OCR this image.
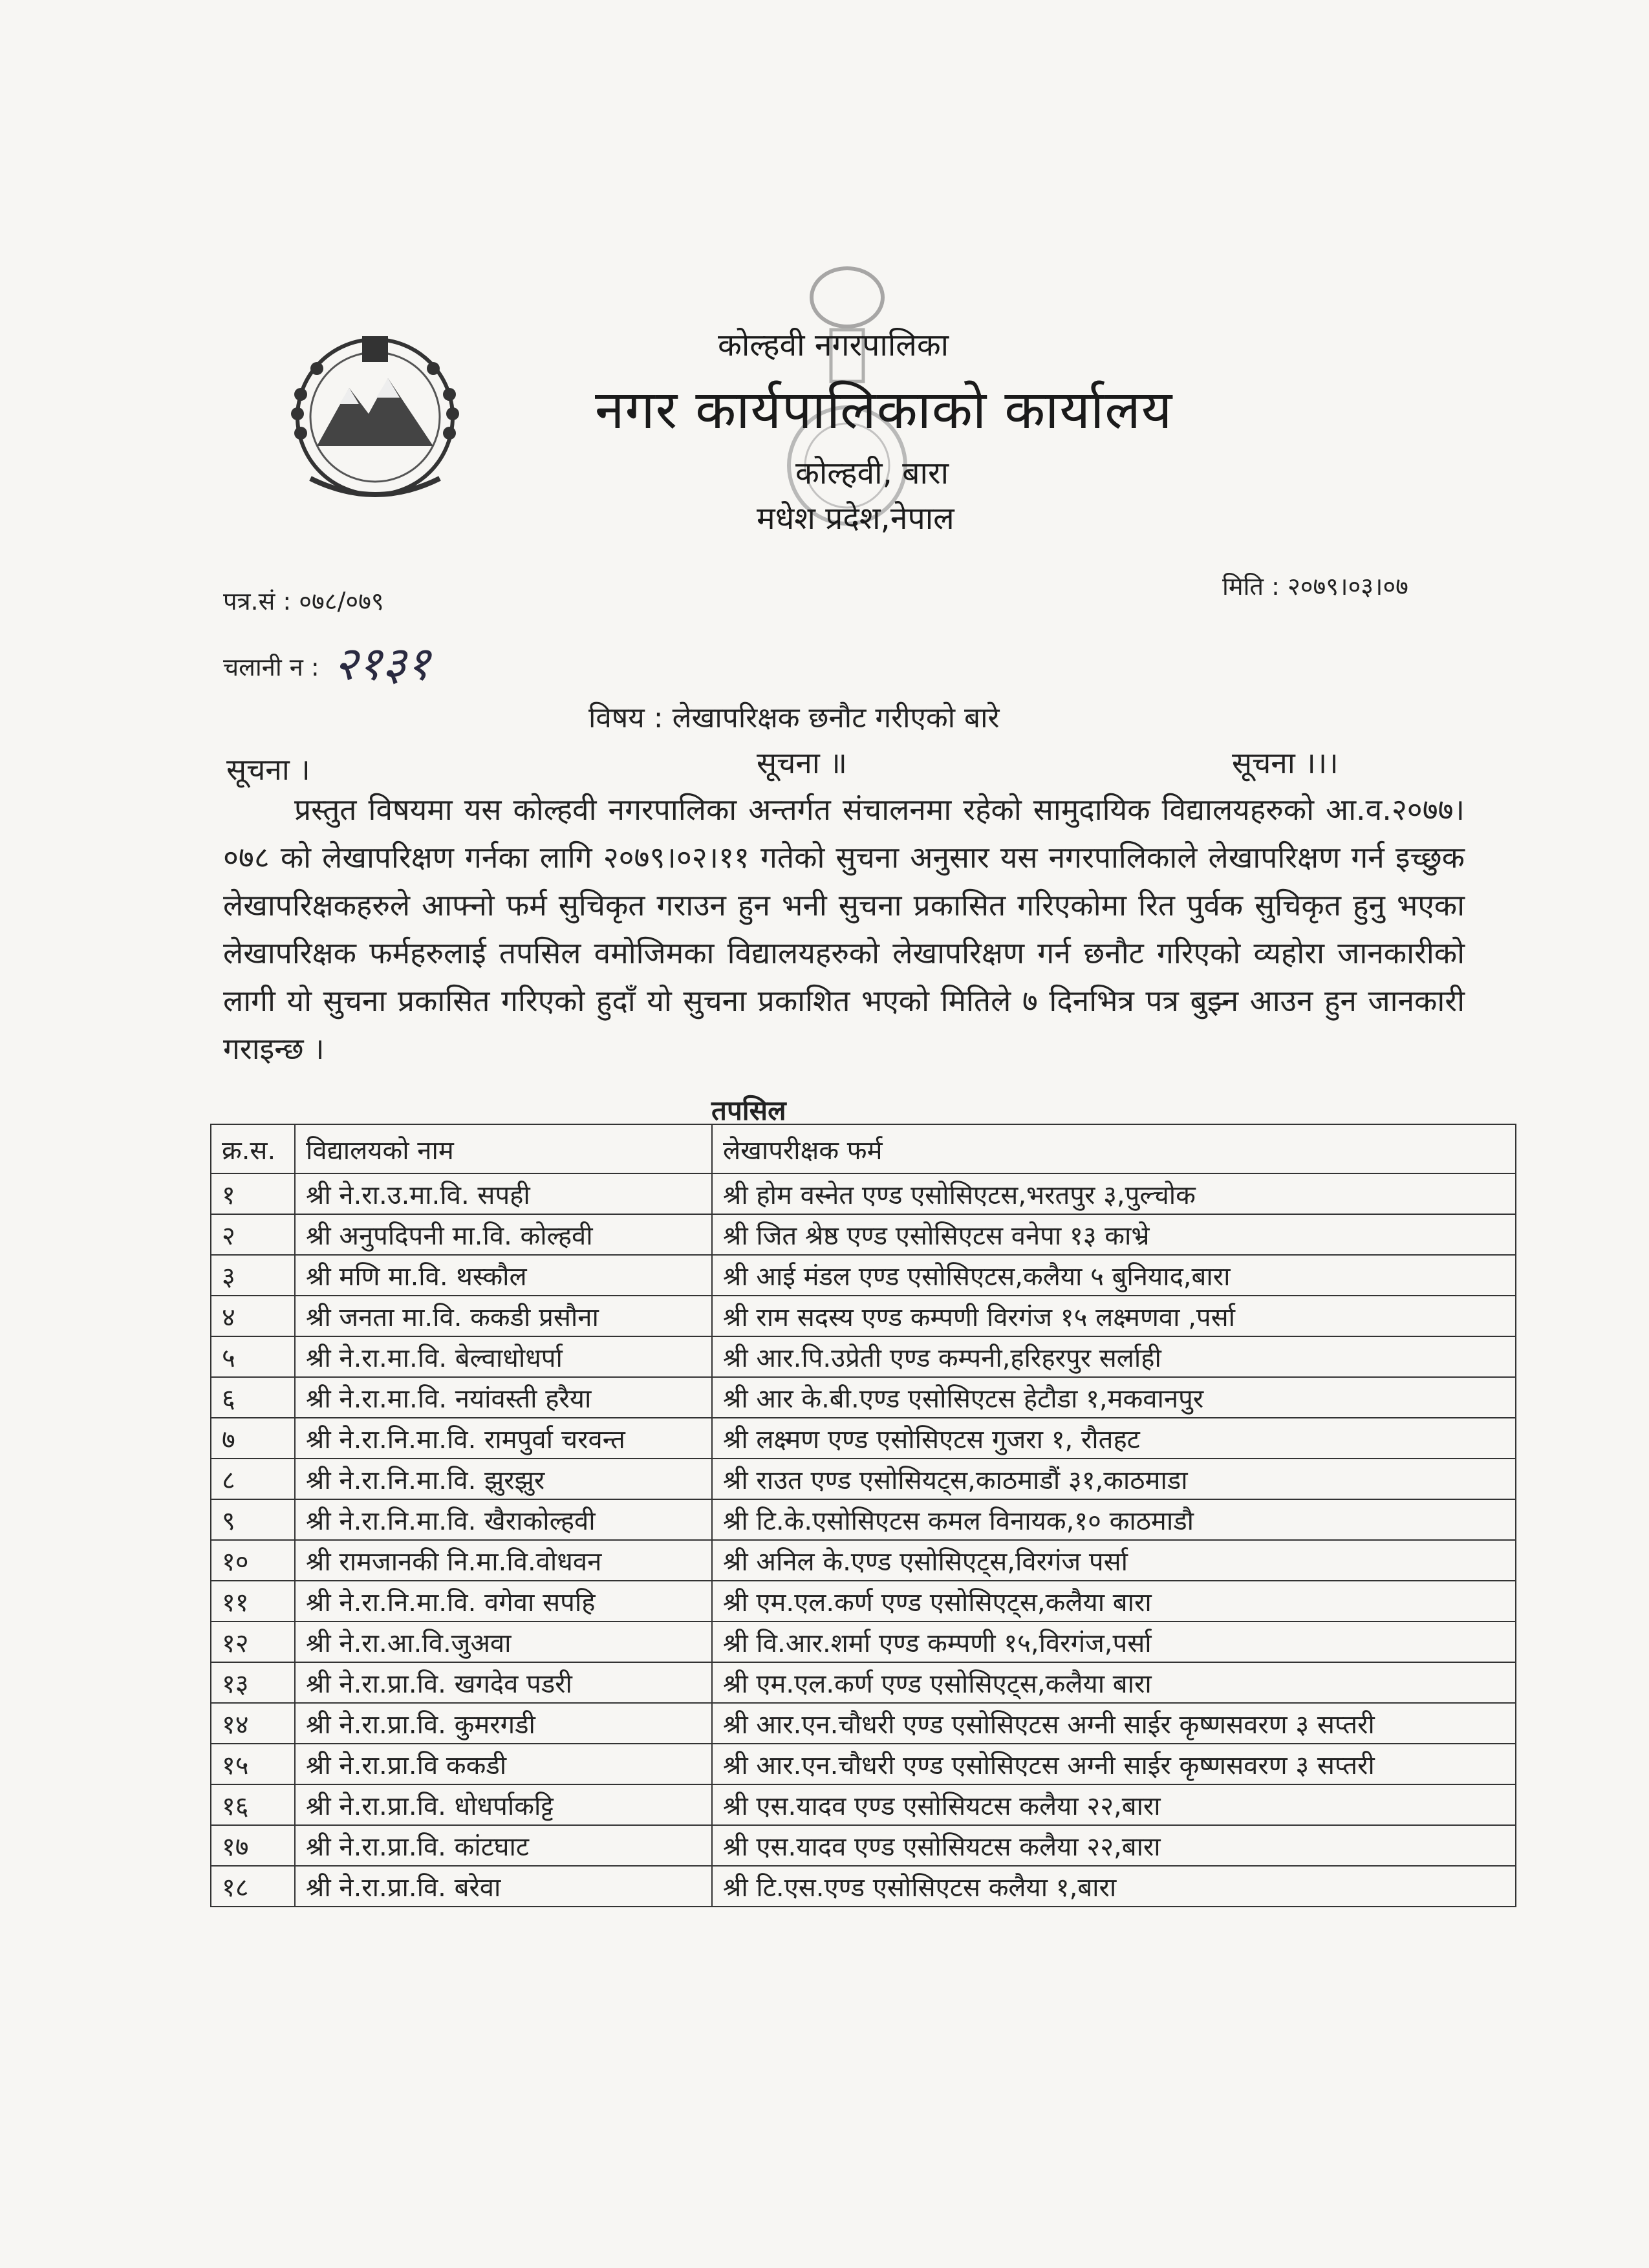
कोल्हवी नगरपालिका
नगर कार्यपालिकाको कार्यालय
कोल्हवी, बारा
मधेश प्रदेश,नेपाल
मिति : २०७९।०३।०७
पत्र.सं : ०७८/०७९
चलानी न : २१३१
विषय : लेखापरिक्षक छनौट गरीएको बारे
सूचना ।	सूचना ॥	सूचना ।।।
प्रस्तुत विषयमा यस कोल्हवी नगरपालिका अन्तर्गत संचालनमा रहेको सामुदायिक विद्यालयहरुको आ.व.२०७७।०७८ को लेखापरिक्षण गर्नका लागि २०७९।०२।११ गतेको सुचना अनुसार यस नगरपालिकाले लेखापरिक्षण गर्न इच्छुक लेखापरिक्षकहरुले आफ्नो फर्म सुचिकृत गराउन हुन भनी सुचना प्रकासित गरिएकोमा रित पुर्वक सुचिकृत हुनु भएका लेखापरिक्षक फर्महरुलाई तपसिल वमोजिमका विद्यालयहरुको लेखापरिक्षण गर्न छनौट गरिएको व्यहोरा जानकारीको लागी यो सुचना प्रकासित गरिएको हुदाँ यो सुचना प्रकाशित भएको मितिले ७ दिनभित्र पत्र बुझ्न आउन हुन जानकारी गराइन्छ ।
तपसिल
क्र.स.	विद्यालयको नाम	लेखापरीक्षक फर्म
१	श्री ने.रा.उ.मा.वि. सपही	श्री होम वस्नेत एण्ड एसोसिएटस,भरतपुर ३,पुल्चोक
२	श्री अनुपदिपनी मा.वि. कोल्हवी	श्री जित श्रेष्ठ एण्ड एसोसिएटस वनेपा १३ काभ्रे
३	श्री मणि मा.वि. थस्कौल	श्री आई मंडल एण्ड एसोसिएटस,कलैया ५ बुनियाद,बारा
४	श्री जनता मा.वि. ककडी प्रसौना	श्री राम सदस्य एण्ड कम्पणी विरगंज १५ लक्ष्मणवा ,पर्सा
५	श्री ने.रा.मा.वि. बेल्वाधोधर्पा	श्री आर.पि.उप्रेती एण्ड कम्पनी,हरिहरपुर सर्लाही
६	श्री ने.रा.मा.वि. नयांवस्ती हरैया	श्री आर के.बी.एण्ड एसोसिएटस हेटौडा १,मकवानपुर
७	श्री ने.रा.नि.मा.वि. रामपुर्वा चरवन्त	श्री लक्ष्मण एण्ड एसोसिएटस गुजरा १, रौतहट
८	श्री ने.रा.नि.मा.वि. झुरझुर	श्री राउत एण्ड एसोसियट्स,काठमाडौं ३१,काठमाडा
९	श्री ने.रा.नि.मा.वि. खैराकोल्हवी	श्री टि.के.एसोसिएटस कमल विनायक,१० काठमाडौ
१०	श्री रामजानकी नि.मा.वि.वोधवन	श्री अनिल के.एण्ड एसोसिएट्स,विरगंज पर्सा
११	श्री ने.रा.नि.मा.वि. वगेवा सपहि	श्री एम.एल.कर्ण एण्ड एसोसिएट्स,कलैया बारा
१२	श्री ने.रा.आ.वि.जुअवा	श्री वि.आर.शर्मा एण्ड कम्पणी १५,विरगंज,पर्सा
१३	श्री ने.रा.प्रा.वि. खगदेव पडरी	श्री एम.एल.कर्ण एण्ड एसोसिएट्स,कलैया बारा
१४	श्री ने.रा.प्रा.वि. कुमरगडी	श्री आर.एन.चौधरी एण्ड एसोसिएटस अग्नी साईर कृष्णसवरण ३ सप्तरी
१५	श्री ने.रा.प्रा.वि ककडी	श्री आर.एन.चौधरी एण्ड एसोसिएटस अग्नी साईर कृष्णसवरण ३ सप्तरी
१६	श्री ने.रा.प्रा.वि. धोधर्पाकट्टि	श्री एस.यादव एण्ड एसोसियटस कलैया २२,बारा
१७	श्री ने.रा.प्रा.वि. कांटघाट	श्री एस.यादव एण्ड एसोसियटस कलैया २२,बारा
१८	श्री ने.रा.प्रा.वि. बरेवा	श्री टि.एस.एण्ड एसोसिएटस कलैया १,बारा
